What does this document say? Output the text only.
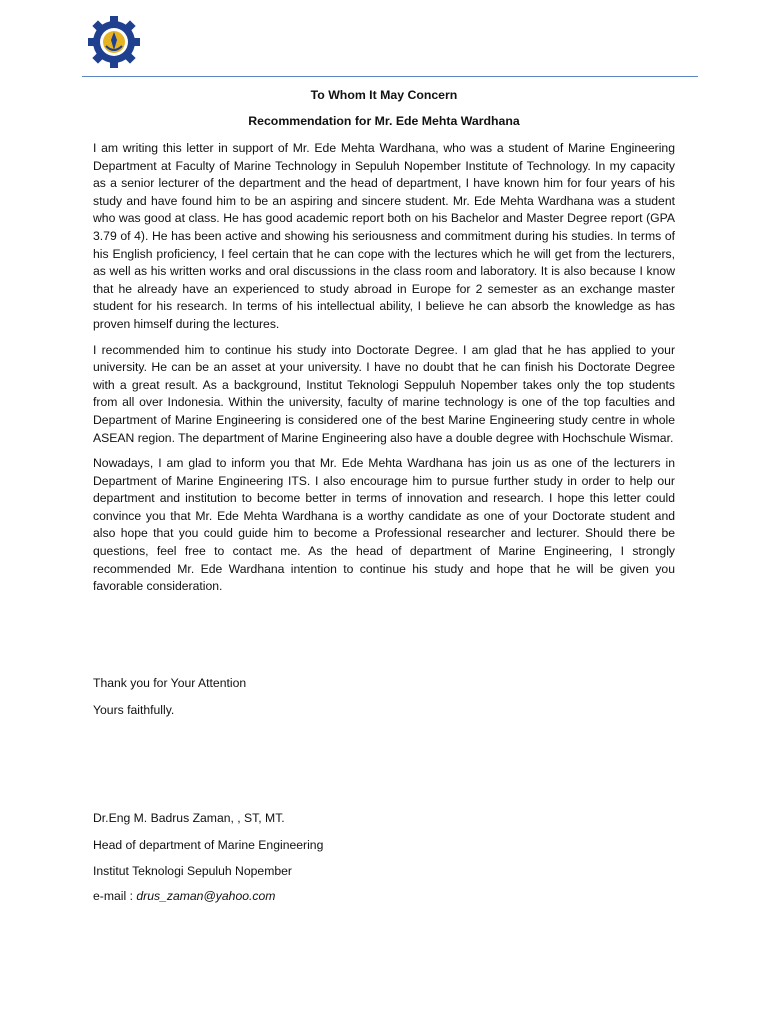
To Whom It May Concern
Recommendation for Mr. Ede Mehta Wardhana

I am writing this letter in support of Mr. Ede Mehta Wardhana, who was a student of Marine Engineering Department at Faculty of Marine Technology in Sepuluh Nopember Institute of Technology. In my capacity as a senior lecturer of the department and the head of department, I have known him for four years of his study and have found him to be an aspiring and sincere student. Mr. Ede Mehta Wardhana was a student who was good at class. He has good academic report both on his Bachelor and Master Degree report (GPA 3.79 of 4). He has been active and showing his seriousness and commitment during his studies. In terms of his English proficiency, I feel certain that he can cope with the lectures which he will get from the lecturers, as well as his written works and oral discussions in the class room and laboratory. It is also because I know that he already have an experienced to study abroad in Europe for 2 semester as an exchange master student for his research. In terms of his intellectual ability, I believe he can absorb the knowledge as has proven himself during the lectures.

I recommended him to continue his study into Doctorate Degree. I am glad that he has applied to your university. He can be an asset at your university. I have no doubt that he can finish his Doctorate Degree with a great result. As a background, Institut Teknologi Seppuluh Nopember takes only the top students from all over Indonesia. Within the university, faculty of marine technology is one of the top faculties and Department of Marine Engineering is considered one of the best Marine Engineering study centre in whole ASEAN region. The department of Marine Engineering also have a double degree with Hochschule Wismar.

Nowadays, I am glad to inform you that Mr. Ede Mehta Wardhana has join us as one of the lecturers in Department of Marine Engineering ITS. I also encourage him to pursue further study in order to help our department and institution to become better in terms of innovation and research. I hope this letter could convince you that Mr. Ede Mehta Wardhana is a worthy candidate as one of your Doctorate student and also hope that you could guide him to become a Professional researcher and lecturer. Should there be questions, feel free to contact me. As the head of department of Marine Engineering, I strongly recommended Mr. Ede Wardhana intention to continue his study and hope that he will be given you favorable consideration.

Thank you for Your Attention
Yours faithfully.
Dr.Eng M. Badrus Zaman, , ST, MT.
Head of department of Marine Engineering
Institut Teknologi Sepuluh Nopember
e-mail : drus_zaman@yahoo.com
